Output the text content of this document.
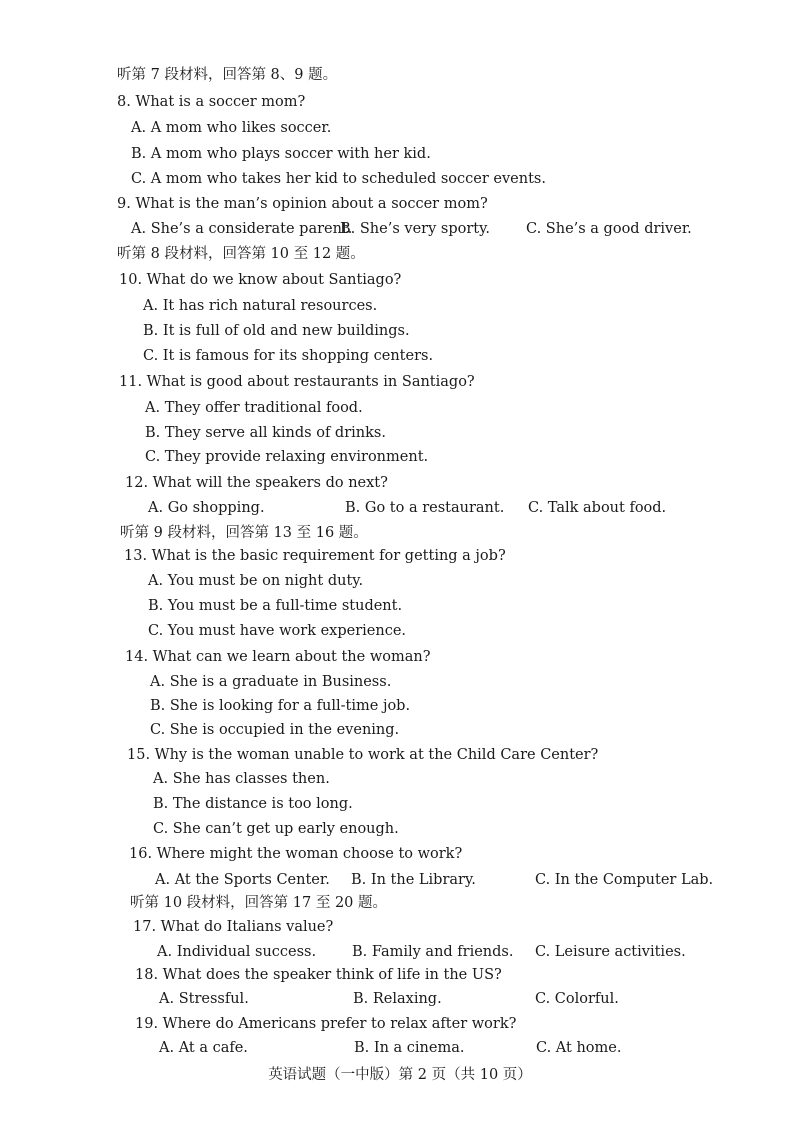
听第 7 段材料，回答第 8、9 题。
8. What is a soccer mom?
A. A mom who likes soccer.
B. A mom who plays soccer with her kid.
C. A mom who takes her kid to scheduled soccer events.
9. What is the man’s opinion about a soccer mom?
A. She’s a considerate parent.
B. She’s very sporty. C. She’s a good driver.
听第 8 段材料，回答第 10 至 12 题。
10. What do we know about Santiago?
A. It has rich natural resources.
B. It is full of old and new buildings.
C. It is famous for its shopping centers.
11. What is good about restaurants in Santiago?
A. They offer traditional food.
B. They serve all kinds of drinks.
C. They provide relaxing environment.
12. What will the speakers do next?
A. Go shopping.	B. Go to a restaurant. C. Talk about food.
听第 9 段材料，回答第 13 至 16 题。
13. What is the basic requirement for getting a job?
A. You must be on night duty.
B. You must be a full-time student.
C. You must have work experience.
14. What can we learn about the woman?
A. She is a graduate in Business.
B. She is looking for a full-time job.
C. She is occupied in the evening.
15. Why is the woman unable to work at the Child Care Center?
A. She has classes then.
B. The distance is too long.
C. She can’t get up early enough.
16. Where might the woman choose to work?
A. At the Sports Center. B. In the Library.	C. In the Computer Lab.
听第 10 段材料，回答第 17 至 20 题。
17. What do Italians value?
A. Individual success. B. Family and friends. C. Leisure activities.
18. What does the speaker think of life in the US?
A. Stressful.	B. Relaxing.	C. Colorful.
19. Where do Americans prefer to relax after work?
A. At a cafe.	B. In a cinema.	C. At home.
英语试题（一中版）第 2 页（共 10 页）
